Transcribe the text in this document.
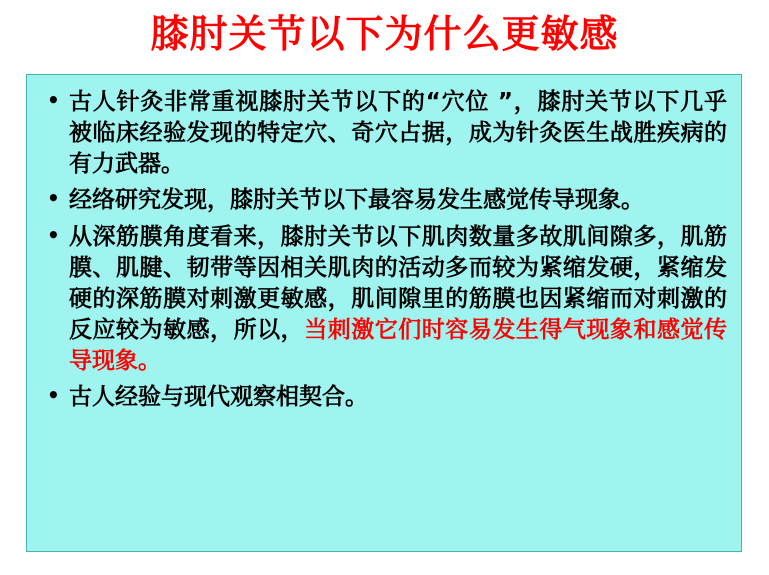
膝肘关节以下为什么更敏感
• 古人针灸非常重视膝肘关节以下的“穴位 ”，膝肘关节以下几乎被临床经验发现的特定穴、奇穴占据，成为针灸医生战胜疾病的有力武器。
• 经络研究发现，膝肘关节以下最容易发生感觉传导现象。
• 从深筋膜角度看来，膝肘关节以下肌肉数量多故肌间隙多，肌筋膜、肌腱、韧带等因相关肌肉的活动多而较为紧缩发硬，紧缩发硬的深筋膜对刺激更敏感，肌间隙里的筋膜也因紧缩而对刺激的反应较为敏感，所以，当刺激它们时容易发生得气现象和感觉传导现象。
• 古人经验与现代观察相契合。
